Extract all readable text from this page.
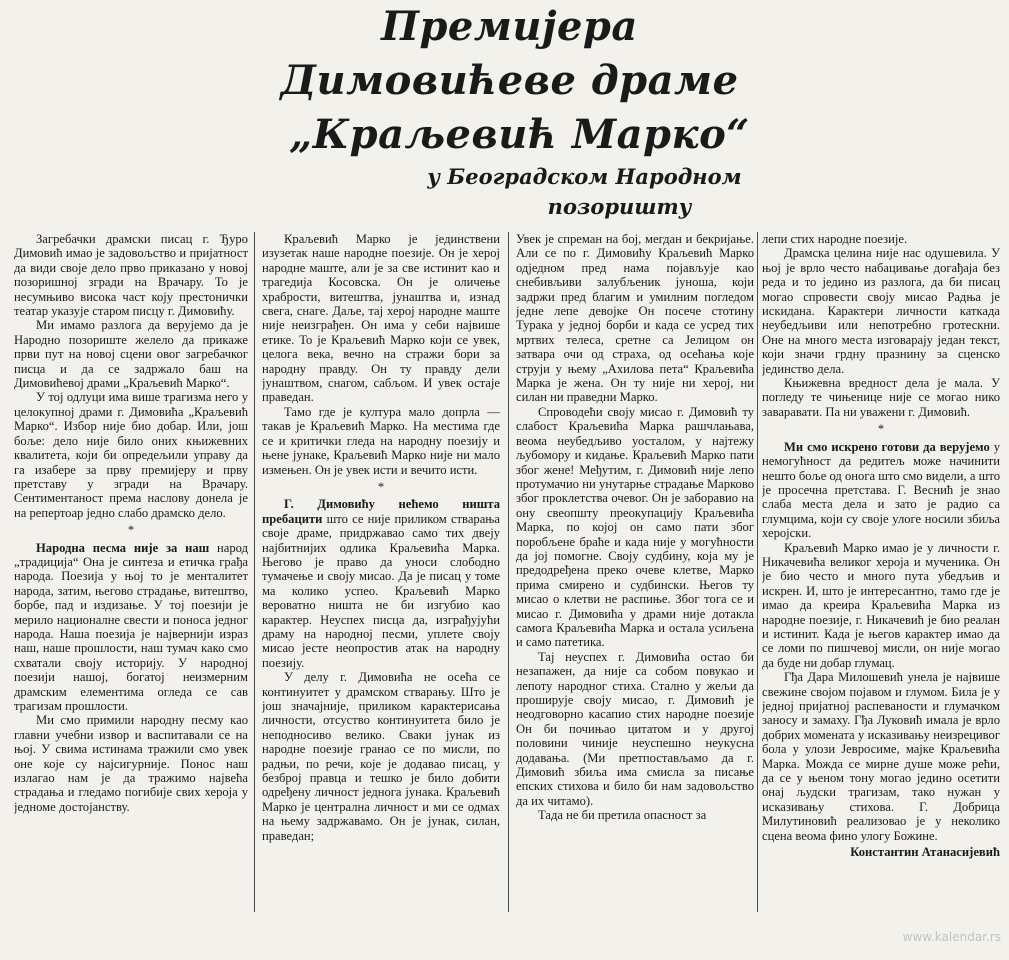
Премијера
Димовићеве драме
„Краљевић Марко“
у Београдском Народном
позоришту

Загребачки драмски писац г. Ђуро Димовић имао је задовољство и пријатност да види своје дело прво приказано у новој позоришној згради на Врачару. То је несумњиво висока част коју престонички театар указује старом писцу г. Димовићу.

Ми имамо разлога да верујемо да је Народно позориште желело да прикаже први пут на новој сцени овог загребачког писца и да се задржало баш на Димовићевој драми „Краљевић Марко“.

У тој одлуци има више трагизма него у целокупној драми г. Димовића „Краљевић Марко“. Избор није био добар. Или, још боље: дело није било оних књижевних квалитета, који би опредељили управу да га изабере за прву премијеру и прву претставу у згради на Врачару. Сентиментаност према наслову донела је на репертоар једно слабо драмско дело.

*

Народна песма није за наш народ „традиција“ Она је синтеза и етичка грађа народа. Поезија у њој то је менталитет народа, затим, његово страдање, витештво, борбе, пад и издизање. У тој поезији је мерило националне свести и поноса једног народа. Наша поезија је највернији израз наш, наше прошлости, наш тумач како смо схватали своју историју. У народној поезији нашој, богатој неизмерним драмским елементима огледа се сав трагизам прошлости.

Ми смо примили народну песму као главни учебни извор и васпитавали се на њој. У свима истинама тражили смо увек оне које су најсигурније. Понос наш излагао нам је да тражимо највећа страдања и гледамо погибије свих хероја у једноме достојанству.

Краљевић Марко је јединствени изузетак наше народне поезије. Он је херој народне маште, али је за све истинит као и трагедија Косовска. Он је оличење храбрости, витештва, јунаштва и, изнад свега, снаге. Даље, тај херој народне маште није неизграђен. Он има у себи највише етике. То је Краљевић Марко који се увек, целога века, вечно на стражи бори за народну правду. Он ту правду дели јунаштвом, снагом, сабљом. И увек остаје праведан.

Тамо где је култура мало допрла — такав је Краљевић Марко. На местима где се и критички гледа на народну поезију и њене јунаке, Краљевић Марко није ни мало измењен. Он је увек исти и вечито исти.

*

Г. Димовићу нећемо ништа пребацити што се није приликом стварања своје драме, придржавао само тих двеју најбитнијих одлика Краљевића Марка. Његово је право да уноси слободно тумачење и своју мисао. Да је писац у томе ма колико успео. Краљевић Марко вероватно ништа не би изгубио као карактер. Неуспех писца да, изграђујући драму на народној песми, уплете своју мисао јесте неопростив атак на народну поезију.

У делу г. Димовића не осећа се континуитет у драмском стварању. Што је још значајније, приликом карактерисања личности, отсуство континуитета било је неподносиво велико. Сваки јунак из народне поезије гранао се по мисли, по радњи, по речи, које је додавао писац, у безброј правца и тешко је било добити одређену личност једнога јунака. Краљевић Марко је централна личност и ми се одмах на њему задржавамо. Он је јунак, силан, праведан;

Увек је спреман на бој, мегдан и бекријање. Али се по г. Димовићу Краљевић Марко одједном пред нама појављује као снебивљиви залубљеник јуноша, који задржи пред благим и умилним погледом једне лепе девојке Он посече стотину Турака у једној борби и када се усред тих мртвих телеса, сретне са Јелицом он затвара очи од страха, од осећања које струји у њему „Ахилова пета“ Краљевића Марка је жена. Он ту није ни херој, ни силан ни праведни Марко.

Спроводећи своју мисао г. Димовић ту слабост Краљевића Марка рашчлањава, веома неубедљиво уосталом, у најтежу љубомору и кидање. Краљевић Марко пати због жене! Међутим, г. Димовић није лепо протумачио ни унутарње страдање Марково због проклетства очевог. Он је заборавио на ону свеопшту преокупацију Краљевића Марка, по којој он само пати због поробљене браће и када није у могућности да јој помогне. Своју судбину, која му је предодређена преко очеве клетве, Марко прима смирено и судбински. Његов ту мисао о клетви не распиње. Због тога се и мисао г. Димовића у драми није дотакла самога Краљевића Марка и остала усиљена и само патетика.

Тај неуспех г. Димовића остао би незапажен, да није са собом повукао и лепоту народног стиха. Стално у жељи да проширује своју мисао, г. Димовић је неодговорно касапио стих народне поезије Он би почињао цитатом и у другој половини чиније неуспешно неукусна додавања. (Ми претпостављамо да г. Димовић збиља има смисла за писање епских стихова и било би нам задовољство да их читамо).

Тада не би претила опасност за

лепи стих народне поезије.

Драмска целина није нас одушевила. У њој је врло често набацивање догађаја без реда и то једино из разлога, да би писац могао спровести своју мисао Радња је искидана. Карактери личности каткада неубедљиви или непотребно гротескни. Оне на много места изговарају један текст, који значи грдну празнину за сценско јединство дела.

Књижевна вредност дела је мала. У погледу те чињенице није се могао нико заваравати. Па ни уважени г. Димовић.

*

Ми смо искрено готови да верујемо у немогућност да редитељ може начинити нешто боље од онога што смо видели, а што је просечна претстава. Г. Веснић је знао слаба места дела и зато је радио са глумцима, који су своје улоге носили збиља херојски.

Краљевић Марко имао је у личности г. Никачевића великог хероја и мученика. Он је био често и много пута убедљив и искрен. И, што је интересантно, тамо где је имао да креира Краљевића Марка из народне поезије, г. Никачевић је био реалан и истинит. Када је његов карактер имао да се ломи по пишчевој мисли, он није могао да буде ни добар глумац.

Гђа Дара Милошевић унела је највише свежине својом појавом и глумом. Била је у једној пријатној распеваности и глумачком заносу и замаху. Гђа Луковић имала је врло добрих момената у исказивању неизрецивог бола у улози Јевросиме, мајке Краљевића Марка. Можда се мирне душе може рећи, да се у њеном тону могао једино осетити онај људски трагизам, тако нужан у исказивању стихова. Г. Добрица Милутиновић реализовао је у неколико сцена веома фино улогу Божине.

Константин Атанасијевић
www.kalendar.rs
